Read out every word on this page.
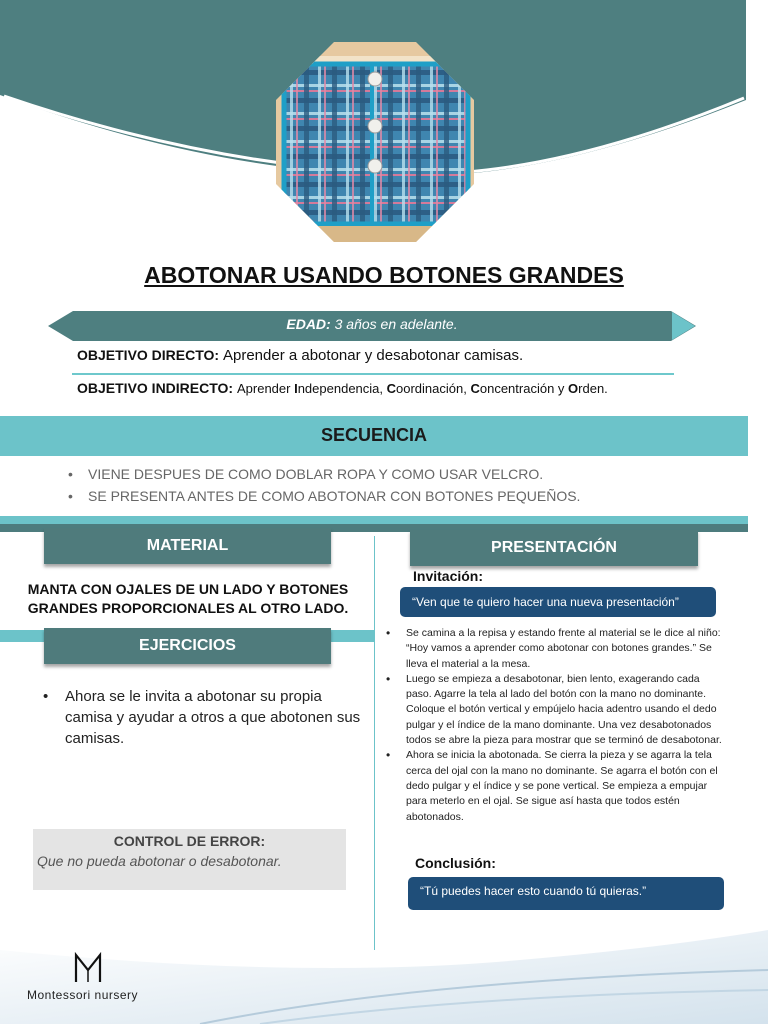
ABOTONAR USANDO BOTONES GRANDES
EDAD: 3 años en adelante.
OBJETIVO DIRECTO: Aprender a abotonar y desabotonar camisas.
OBJETIVO INDIRECTO: Aprender Independencia, Coordinación, Concentración y Orden.
SECUENCIA
• VIENE DESPUES DE COMO DOBLAR ROPA Y COMO USAR VELCRO.
• SE PRESENTA ANTES DE COMO ABOTONAR CON BOTONES PEQUEÑOS.
MATERIAL
MANTA CON OJALES DE UN LADO Y BOTONES GRANDES PROPORCIONALES AL OTRO LADO.
EJERCICIOS
• Ahora se le invita a abotonar su propia camisa y ayudar a otros a que abotonen sus camisas.
CONTROL DE ERROR:
Que no pueda abotonar o desabotonar.
PRESENTACIÓN
Invitación:
“Ven que te quiero hacer una nueva presentación”
• Se camina a la repisa y estando frente al material se le dice al niño: “Hoy vamos a aprender como abotonar con botones grandes.” Se lleva el material a la mesa.
• Luego se empieza a desabotonar, bien lento, exagerando cada paso. Agarre la tela al lado del botón con la mano no dominante. Coloque el botón vertical y empújelo hacia adentro usando el dedo pulgar y el índice de la mano dominante. Una vez desabotonados todos se abre la pieza para mostrar que se terminó de desabotonar.
• Ahora se inicia la abotonada. Se cierra la pieza y se agarra la tela cerca del ojal con la mano no dominante. Se agarra el botón con el dedo pulgar y el índice y se pone vertical. Se empieza a empujar para meterlo en el ojal. Se sigue así hasta que todos estén abotonados.
Conclusión:
“Tú puedes hacer esto cuando tú quieras.”
Montessori nursery
